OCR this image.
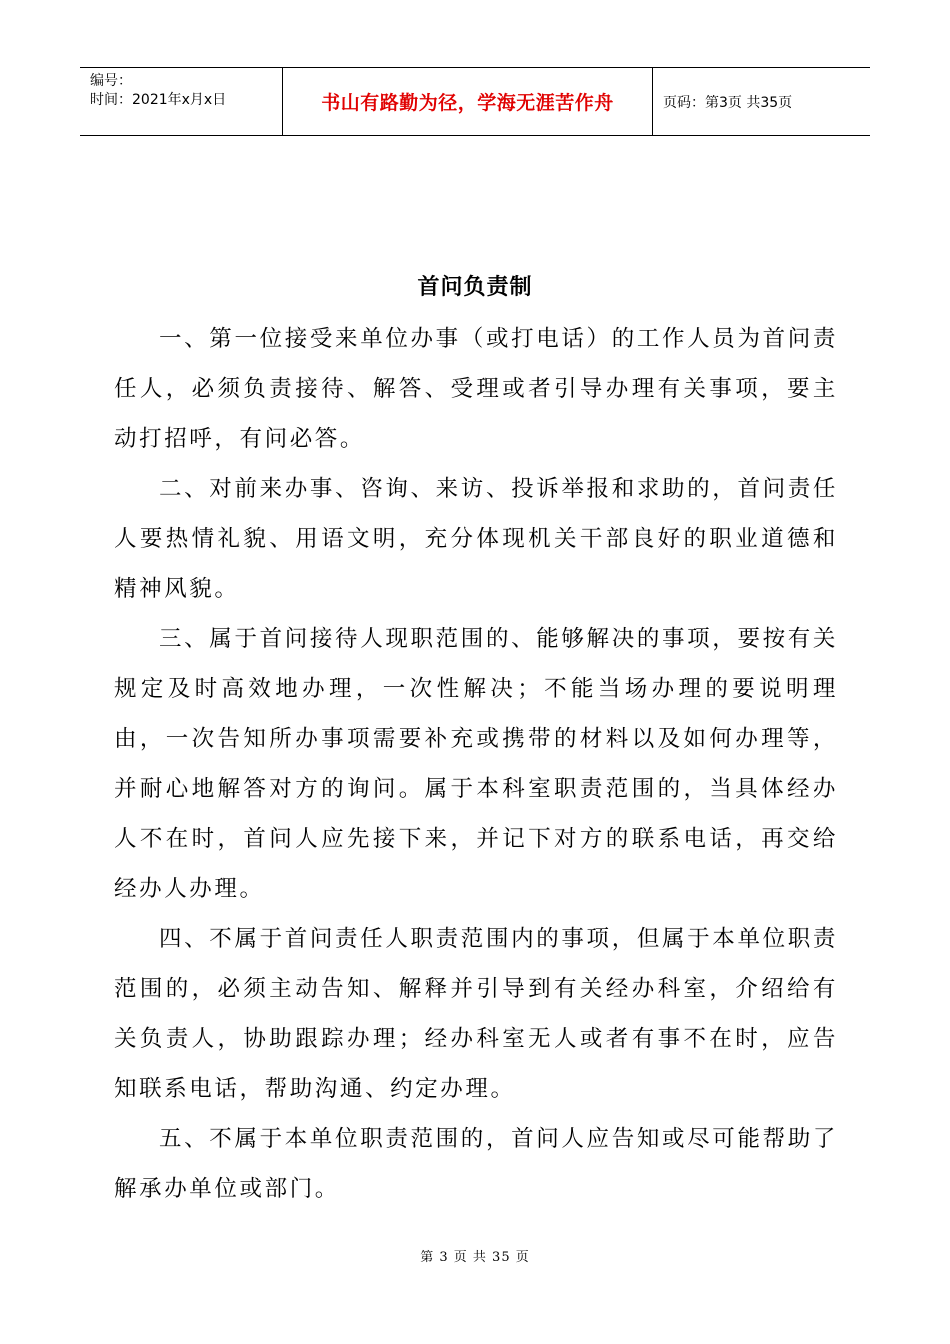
编号：
时间：2021年x月x日	书山有路勤为径，学海无涯苦作舟	页码：第3页 共35页
首问负责制

一、第一位接受来单位办事（或打电话）的工作人员为首问责任人，必须负责接待、解答、受理或者引导办理有关事项，要主动打招呼，有问必答。

二、对前来办事、咨询、来访、投诉举报和求助的，首问责任人要热情礼貌、用语文明，充分体现机关干部良好的职业道德和精神风貌。

三、属于首问接待人现职范围的、能够解决的事项，要按有关规定及时高效地办理，一次性解决；不能当场办理的要说明理由，一次告知所办事项需要补充或携带的材料以及如何办理等，并耐心地解答对方的询问。属于本科室职责范围的，当具体经办人不在时，首问人应先接下来，并记下对方的联系电话，再交给经办人办理。

四、不属于首问责任人职责范围内的事项，但属于本单位职责范围的，必须主动告知、解释并引导到有关经办科室，介绍给有关负责人，协助跟踪办理；经办科室无人或者有事不在时，应告知联系电话，帮助沟通、约定办理。

五、不属于本单位职责范围的，首问人应告知或尽可能帮助了解承办单位或部门。

第 3 页 共 35 页
